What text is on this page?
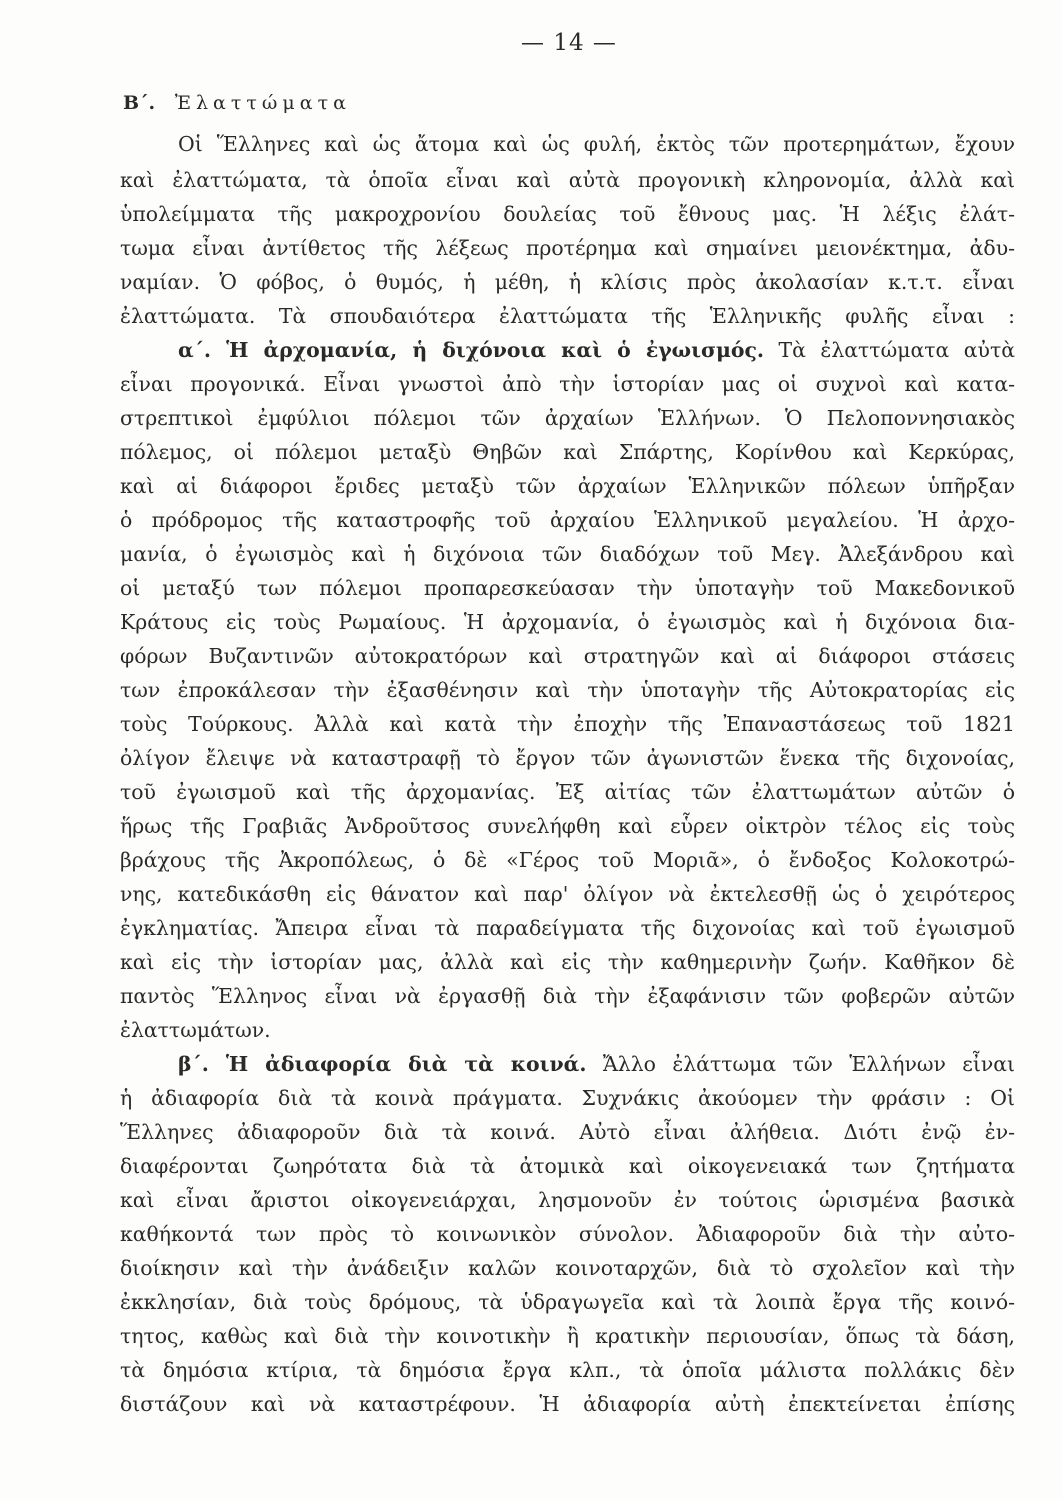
— 14 —
Β΄. Ἐλαττώματα
Οἱ Ἕλληνες καὶ ὡς ἄτομα καὶ ὡς φυλή, ἐκτὸς τῶν προτερημάτων, ἔχουν
καὶ ἐλαττώματα, τὰ ὁποῖα εἶναι καὶ αὐτὰ προγονικὴ κληρονομία, ἀλλὰ καὶ
ὑπολείμματα τῆς μακροχρονίου δουλείας τοῦ ἔθνους μας. Ἡ λέξις ἐλάτ-
τωμα εἶναι ἀντίθετος τῆς λέξεως προτέρημα καὶ σημαίνει μειονέκτημα, ἀδυ-
ναμίαν. Ὁ φόβος, ὁ θυμός, ἡ μέθη, ἡ κλίσις πρὸς ἀκολασίαν κ.τ.τ. εἶναι
ἐλαττώματα. Τὰ σπουδαιότερα ἐλαττώματα τῆς Ἑλληνικῆς φυλῆς εἶναι :
α΄. Ἡ ἀρχομανία, ἡ διχόνοια καὶ ὁ ἐγωισμός. Τὰ ἐλαττώματα αὐτὰ
εἶναι προγονικά. Εἶναι γνωστοὶ ἀπὸ τὴν ἱστορίαν μας οἱ συχνοὶ καὶ κατα-
στρεπτικοὶ ἐμφύλιοι πόλεμοι τῶν ἀρχαίων Ἑλλήνων. Ὁ Πελοποννησιακὸς
πόλεμος, οἱ πόλεμοι μεταξὺ Θηβῶν καὶ Σπάρτης, Κορίνθου καὶ Κερκύρας,
καὶ αἱ διάφοροι ἔριδες μεταξὺ τῶν ἀρχαίων Ἑλληνικῶν πόλεων ὑπῆρξαν
ὁ πρόδρομος τῆς καταστροφῆς τοῦ ἀρχαίου Ἑλληνικοῦ μεγαλείου. Ἡ ἀρχο-
μανία, ὁ ἐγωισμὸς καὶ ἡ διχόνοια τῶν διαδόχων τοῦ Μεγ. Ἀλεξάνδρου καὶ
οἱ μεταξύ των πόλεμοι προπαρεσκεύασαν τὴν ὑποταγὴν τοῦ Μακεδονικοῦ
Κράτους εἰς τοὺς Ρωμαίους. Ἡ ἀρχομανία, ὁ ἐγωισμὸς καὶ ἡ διχόνοια δια-
φόρων Βυζαντινῶν αὐτοκρατόρων καὶ στρατηγῶν καὶ αἱ διάφοροι στάσεις
των ἐπροκάλεσαν τὴν ἐξασθένησιν καὶ τὴν ὑποταγὴν τῆς Αὐτοκρατορίας εἰς
τοὺς Τούρκους. Ἀλλὰ καὶ κατὰ τὴν ἐποχὴν τῆς Ἐπαναστάσεως τοῦ 1821
ὀλίγον ἔλειψε νὰ καταστραφῇ τὸ ἔργον τῶν ἀγωνιστῶν ἕνεκα τῆς διχονοίας,
τοῦ ἐγωισμοῦ καὶ τῆς ἀρχομανίας. Ἐξ αἰτίας τῶν ἐλαττωμάτων αὐτῶν ὁ
ἥρως τῆς Γραβιᾶς Ἀνδροῦτσος συνελήφθη καὶ εὗρεν οἰκτρὸν τέλος εἰς τοὺς
βράχους τῆς Ἀκροπόλεως, ὁ δὲ «Γέρος τοῦ Μοριᾶ», ὁ ἔνδοξος Κολοκοτρώ-
νης, κατεδικάσθη εἰς θάνατον καὶ παρ' ὀλίγον νὰ ἐκτελεσθῇ ὡς ὁ χειρότερος
ἐγκληματίας. Ἄπειρα εἶναι τὰ παραδείγματα τῆς διχονοίας καὶ τοῦ ἐγωισμοῦ
καὶ εἰς τὴν ἱστορίαν μας, ἀλλὰ καὶ εἰς τὴν καθημερινὴν ζωήν. Καθῆκον δὲ
παντὸς Ἕλληνος εἶναι νὰ ἐργασθῇ διὰ τὴν ἐξαφάνισιν τῶν φοβερῶν αὐτῶν
ἐλαττωμάτων.
β΄. Ἡ ἀδιαφορία διὰ τὰ κοινά. Ἄλλο ἐλάττωμα τῶν Ἑλλήνων εἶναι
ἡ ἀδιαφορία διὰ τὰ κοινὰ πράγματα. Συχνάκις ἀκούομεν τὴν φράσιν : Οἱ
Ἕλληνες ἀδιαφοροῦν διὰ τὰ κοινά. Αὐτὸ εἶναι ἀλήθεια. Διότι ἐνῷ ἐν-
διαφέρονται ζωηρότατα διὰ τὰ ἀτομικὰ καὶ οἰκογενειακά των ζητήματα
καὶ εἶναι ἄριστοι οἰκογενειάρχαι, λησμονοῦν ἐν τούτοις ὡρισμένα βασικὰ
καθήκοντά των πρὸς τὸ κοινωνικὸν σύνολον. Ἀδιαφοροῦν διὰ τὴν αὐτο-
διοίκησιν καὶ τὴν ἀνάδειξιν καλῶν κοινοταρχῶν, διὰ τὸ σχολεῖον καὶ τὴν
ἐκκλησίαν, διὰ τοὺς δρόμους, τὰ ὑδραγωγεῖα καὶ τὰ λοιπὰ ἔργα τῆς κοινό-
τητος, καθὼς καὶ διὰ τὴν κοινοτικὴν ἢ κρατικὴν περιουσίαν, ὅπως τὰ δάση,
τὰ δημόσια κτίρια, τὰ δημόσια ἔργα κλπ., τὰ ὁποῖα μάλιστα πολλάκις δὲν
διστάζουν καὶ νὰ καταστρέφουν. Ἡ ἀδιαφορία αὐτὴ ἐπεκτείνεται ἐπίσης
